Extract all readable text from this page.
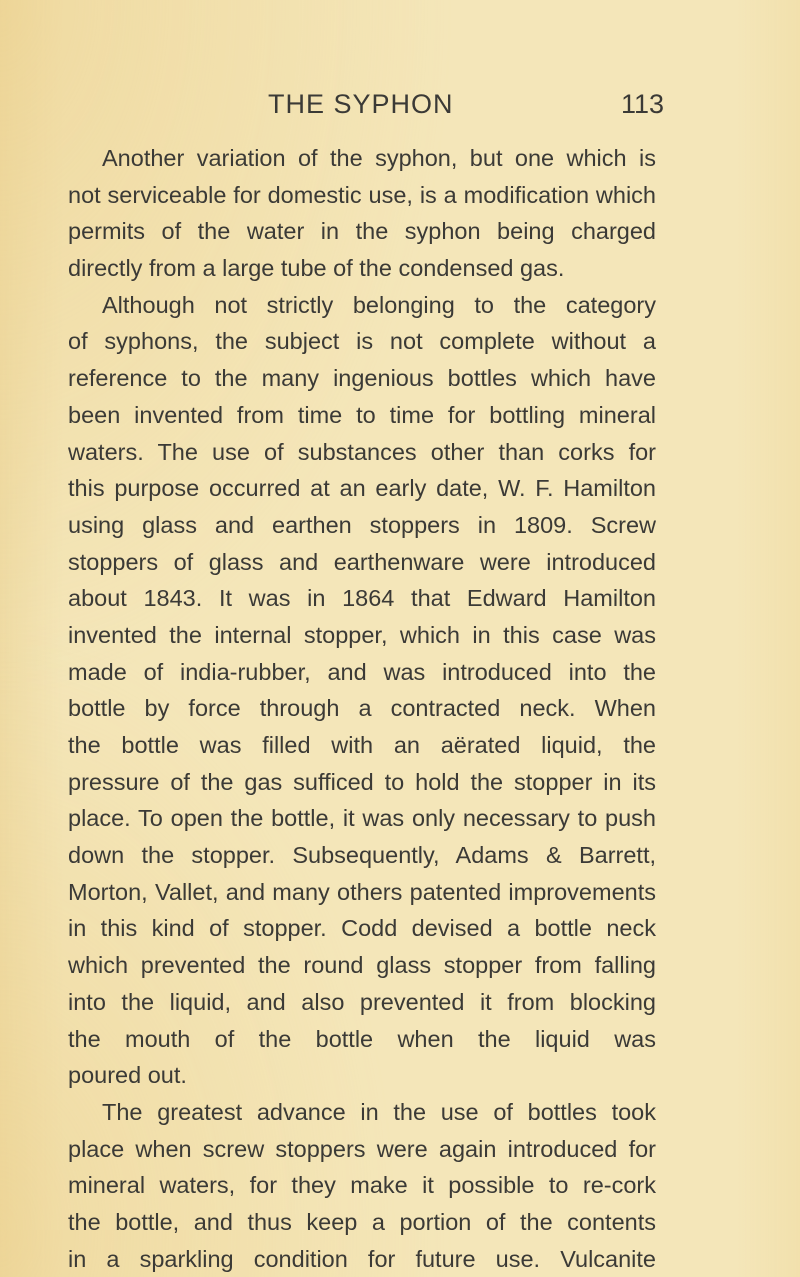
THE SYPHON	113
Another variation of the syphon, but one which is
not serviceable for domestic use, is a modification which
permits of the water in the syphon being charged
directly from a large tube of the condensed gas.
Although not strictly belonging to the category
of syphons, the subject is not complete without a
reference to the many ingenious bottles which have
been invented from time to time for bottling mineral
waters. The use of substances other than corks for
this purpose occurred at an early date, W. F. Hamilton
using glass and earthen stoppers in 1809. Screw
stoppers of glass and earthenware were introduced
about 1843. It was in 1864 that Edward Hamilton
invented the internal stopper, which in this case was
made of india-rubber, and was introduced into the
bottle by force through a contracted neck. When
the bottle was filled with an aërated liquid, the
pressure of the gas sufficed to hold the stopper in its
place. To open the bottle, it was only necessary to push
down the stopper. Subsequently, Adams & Barrett,
Morton, Vallet, and many others patented improvements
in this kind of stopper. Codd devised a bottle neck
which prevented the round glass stopper from falling
into the liquid, and also prevented it from blocking
the mouth of the bottle when the liquid was
poured out.
The greatest advance in the use of bottles took
place when screw stoppers were again introduced for
mineral waters, for they make it possible to re-cork
the bottle, and thus keep a portion of the contents
in a sparkling condition for future use. Vulcanite
